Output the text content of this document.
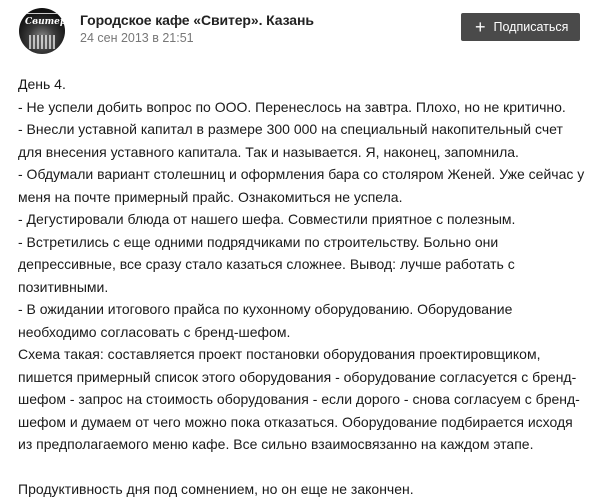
Свитер Городское кафе «Свитер». Казань
24 сен 2013 в 21:51
+ Подписаться

День 4.

- Не успели добить вопрос по ООО. Перенеслось на завтра. Плохо, но не критично.

- Внесли уставной капитал в размере 300 000 на специальный накопительный счет для внесения уставного капитала. Так и называется. Я, наконец, запомнила.

- Обдумали вариант столешниц и оформления бара со столяром Женей. Уже сейчас у меня на почте примерный прайс. Ознакомиться не успела.

- Дегустировали блюда от нашего шефа. Совместили приятное с полезным.

- Встретились с еще одними подрядчиками по строительству. Больно они депрессивные, все сразу стало казаться сложнее. Вывод: лучше работать с позитивными.

- В ожидании итогового прайса по кухонному оборудованию. Оборудование необходимо согласовать с бренд-шефом.

Схема такая: составляется проект постановки оборудования проектировщиком, пишется примерный список этого оборудования - оборудование согласуется с бренд-шефом - запрос на стоимость оборудования - если дорого - снова согласуем с бренд-шефом и думаем от чего можно пока отказаться. Оборудование подбирается исходя из предполагаемого меню кафе. Все сильно взаимосвязанно на каждом этапе.

Продуктивность дня под сомнением, но он еще не закончен.
